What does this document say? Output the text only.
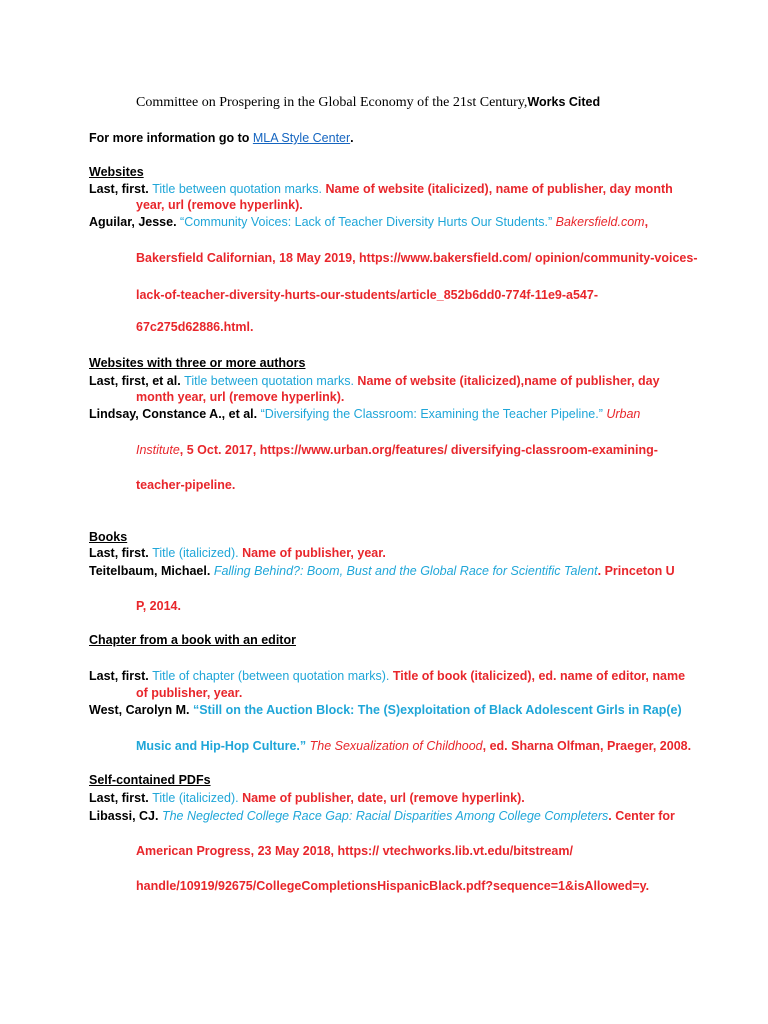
Committee on Prospering in the Global Economy of the 21st Century,Works Cited
For more information go to MLA Style Center.
Websites
Last, first. Title between quotation marks. Name of website (italicized), name of publisher, day month
year, url (remove hyperlink).
Aguilar, Jesse. “Community Voices: Lack of Teacher Diversity Hurts Our Students.” Bakersfield.com,
Bakersfield Californian, 18 May 2019, https://www.bakersfield.com/ opinion/community-voices-
lack-of-teacher-diversity-hurts-our-students/article_852b6dd0-774f-11e9-a547-
67c275d62886.html.
Websites with three or more authors
Last, first, et al. Title between quotation marks. Name of website (italicized),name of publisher, day
month year, url (remove hyperlink).
Lindsay, Constance A., et al. “Diversifying the Classroom: Examining the Teacher Pipeline.” Urban
Institute, 5 Oct. 2017, https://www.urban.org/features/ diversifying-classroom-examining-
teacher-pipeline.
Books
Last, first. Title (italicized). Name of publisher, year.
Teitelbaum, Michael. Falling Behind?: Boom, Bust and the Global Race for Scientific Talent. Princeton U
P, 2014.
Chapter from a book with an editor
Last, first. Title of chapter (between quotation marks). Title of book (italicized), ed. name of editor, name
of publisher, year.
West, Carolyn M. “Still on the Auction Block: The (S)exploitation of Black Adolescent Girls in Rap(e)
Music and Hip-Hop Culture.” The Sexualization of Childhood, ed. Sharna Olfman, Praeger, 2008.
Self-contained PDFs
Last, first. Title (italicized). Name of publisher, date, url (remove hyperlink).
Libassi, CJ. The Neglected College Race Gap: Racial Disparities Among College Completers. Center for
American Progress, 23 May 2018, https:// vtechworks.lib.vt.edu/bitstream/
handle/10919/92675/CollegeCompletionsHispanicBlack.pdf?sequence=1&isAllowed=y.
